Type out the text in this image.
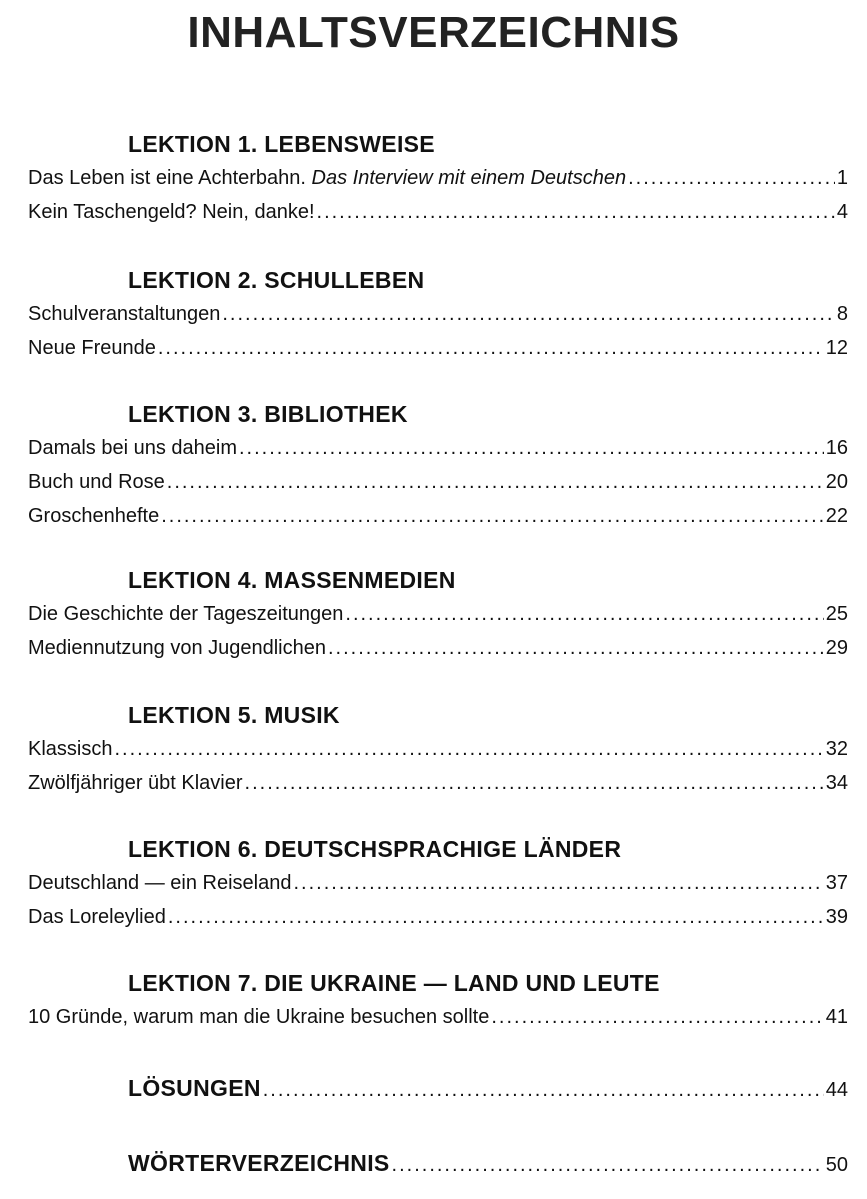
INHALTSVERZEICHNIS
LEKTION 1. LEBENSWEISE
Das Leben ist eine Achterbahn. Das Interview mit einem Deutschen .....	1
Kein Taschengeld? Nein, danke! .....	4
LEKTION 2. SCHULLEBEN
Schulveranstaltungen .....	8
Neue Freunde .....	12
LEKTION 3. BIBLIOTHEK
Damals bei uns daheim .....	16
Buch und Rose .....	20
Groschenhefte .....	22
LEKTION 4. MASSENMEDIEN
Die Geschichte der Tageszeitungen .....	25
Mediennutzung von Jugendlichen .....	29
LEKTION 5. MUSIK
Klassisch .....	32
Zwölfjähriger übt Klavier .....	34
LEKTION 6. DEUTSCHSPRACHIGE LÄNDER
Deutschland — ein Reiseland .....	37
Das Loreleylied .....	39
LEKTION 7. DIE UKRAINE — LAND UND LEUTE
10 Gründe, warum man die Ukraine besuchen sollte .....	41
LÖSUNGEN .....	44
WÖRTERVERZEICHNIS .....	50
